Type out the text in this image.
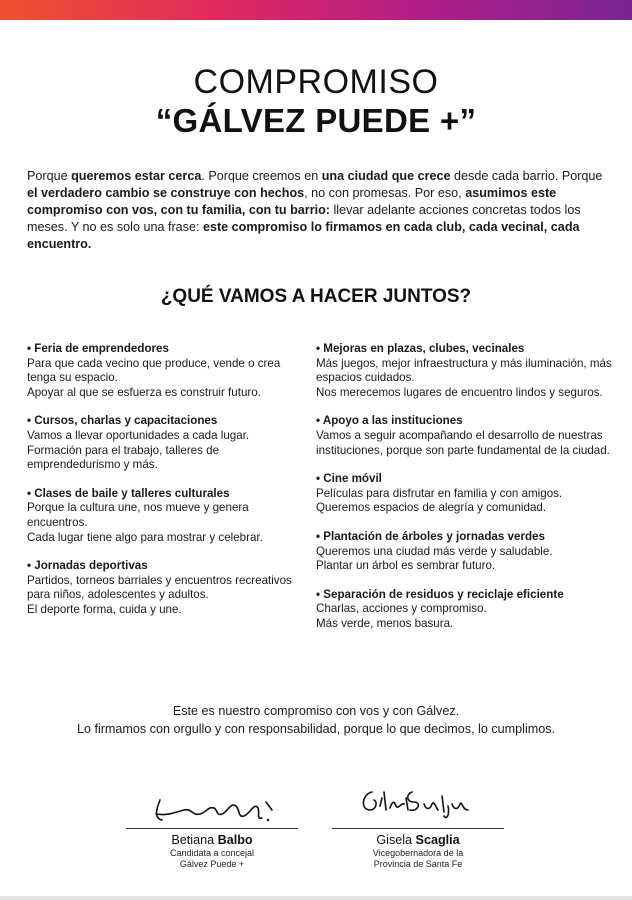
COMPROMISO
“GÁLVEZ PUEDE +”

Porque queremos estar cerca. Porque creemos en una ciudad que crece desde cada barrio. Porque el verdadero cambio se construye con hechos, no con promesas. Por eso, asumimos este compromiso con vos, con tu familia, con tu barrio: llevar adelante acciones concretas todos los meses. Y no es solo una frase: este compromiso lo firmamos en cada club, cada vecinal, cada encuentro.

¿QUÉ VAMOS A HACER JUNTOS?
• Feria de emprendedores
Para que cada vecino que produce, vende o crea tenga su espacio.
Apoyar al que se esfuerza es construir futuro.
• Cursos, charlas y capacitaciones
Vamos a llevar oportunidades a cada lugar.
Formación para el trabajo, talleres de emprendedurismo y más.
• Clases de baile y talleres culturales
Porque la cultura une, nos mueve y genera encuentros.
Cada lugar tiene algo para mostrar y celebrar.
• Jornadas deportivas
Partidos, torneos barriales y encuentros recreativos para niños, adolescentes y adultos.
El deporte forma, cuida y une.
• Mejoras en plazas, clubes, vecinales
Más juegos, mejor infraestructura y más iluminación, más espacios cuidados.
Nos merecemos lugares de encuentro lindos y seguros.
• Apoyo a las instituciones
Vamos a seguir acompañando el desarrollo de nuestras instituciones, porque son parte fundamental de la ciudad.
• Cine móvil
Películas para disfrutar en familia y con amigos.
Queremos espacios de alegría y comunidad.
• Plantación de árboles y jornadas verdes
Queremos una ciudad más verde y saludable.
Plantar un árbol es sembrar futuro.
• Separación de residuos y reciclaje eficiente
Charlas, acciones y compromiso.
Más verde, menos basura.
Este es nuestro compromiso con vos y con Gálvez.
Lo firmamos con orgullo y con responsabilidad, porque lo que decimos, lo cumplimos.
Betiana Balbo
Candidata a concejal
Gálvez Puede +
Gisela Scaglia
Vicegobernadora de la
Provincia de Santa Fe
